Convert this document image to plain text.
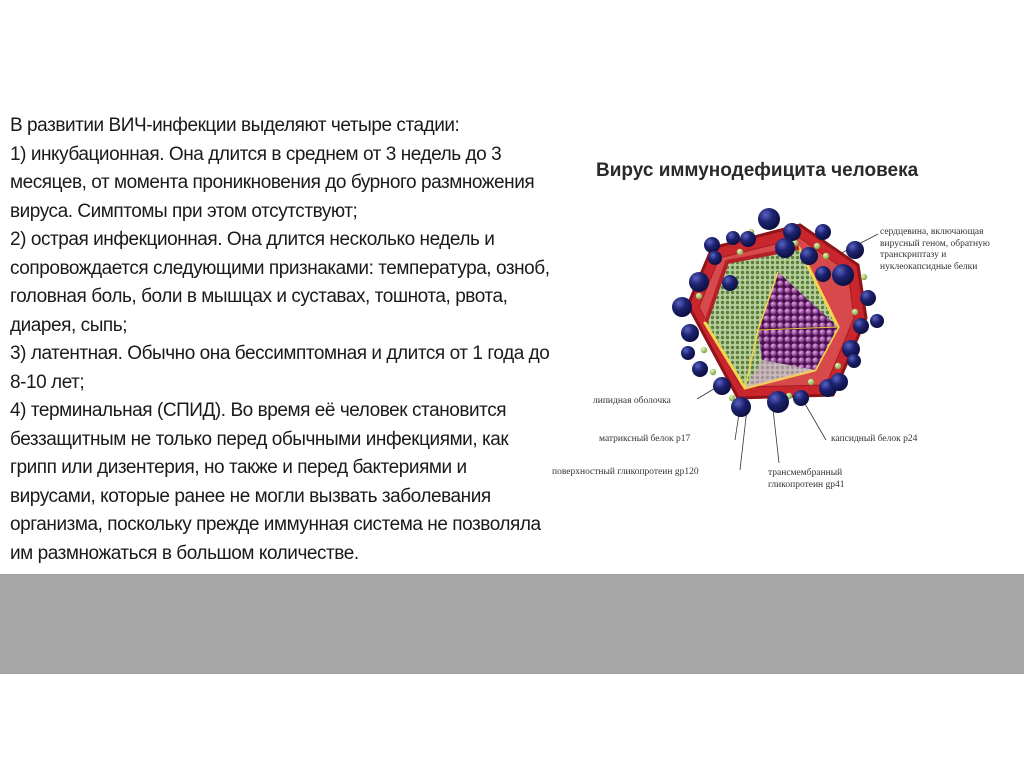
В развитии ВИЧ-инфекции выделяют четыре стадии:
1) инкубационная. Она длится в среднем от 3 недель до 3
месяцев, от момента проникновения до бурного размножения
вируса. Симптомы при этом отсутствуют;
2) острая инфекционная. Она длится несколько недель и
сопровождается следующими признаками: температура, озноб,
головная боль, боли в мышцах и суставах, тошнота, рвота,
диарея, сыпь;
3) латентная. Обычно она бессимптомная и длится от 1 года до
8-10 лет;
4) терминальная (СПИД). Во время её человек становится
беззащитным не только перед обычными инфекциями, как
грипп или дизентерия, но также и перед бактериями и
вирусами, которые ранее не могли вызвать заболевания
организма, поскольку прежде иммунная система не позволяла
им размножаться в большом количестве.
Вирус иммунодефицита человека
сердцевина, включающая
вирусный геном, обратную
транскриптазу и
нуклеокапсидные белки
липидная оболочка
матриксный белок p17	капсидный белок p24
поверхностный гликопротеин gp120	трансмембранный
гликопротеин gp41
